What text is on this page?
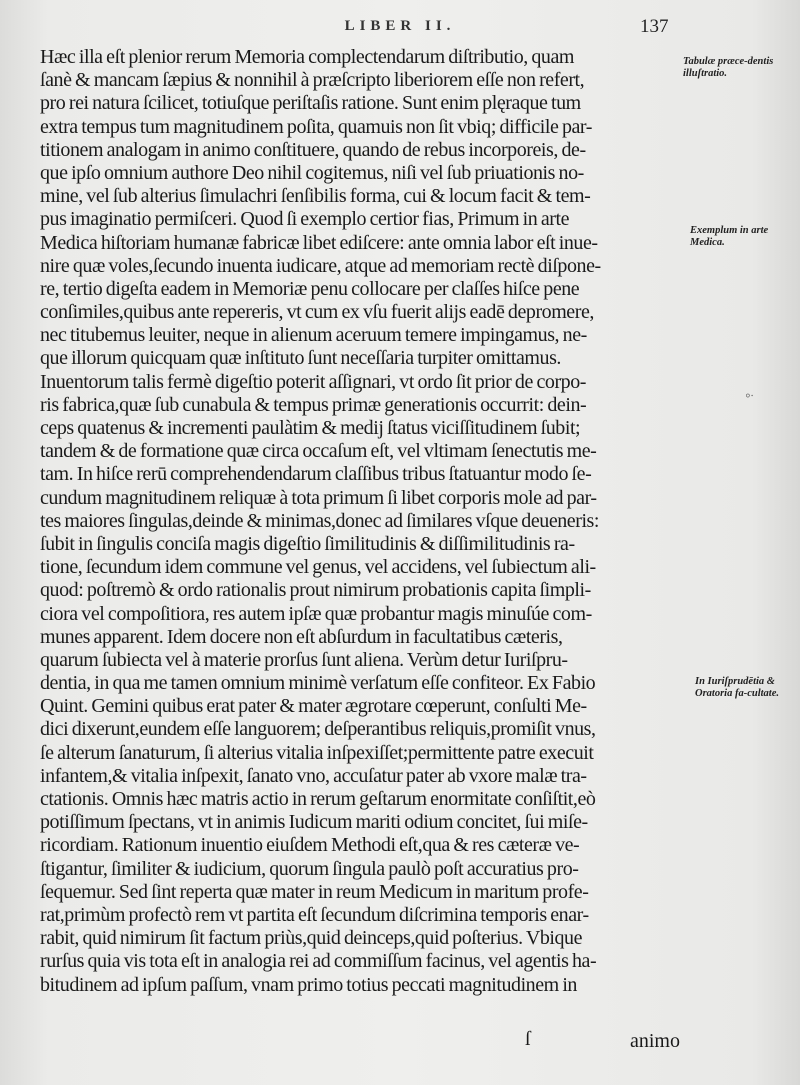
LIBER II.	137
Hæc illa eſt plenior rerum Memoria complectendarum diſtributio, quam
ſanè & mancam ſæpius & nonnihil à præſcripto liberiorem eſſe non refert,
pro rei natura ſcilicet, totiuſque periſtaſis ratione. Sunt enim plęraque tum
extra tempus tum magnitudinem poſita, quamuis non ſit vbiq; difficile par-
titionem analogam in animo conſtituere, quando de rebus incorporeis, de-
que ipſo omnium authore Deo nihil cogitemus, niſi vel ſub priuationis no-
mine, vel ſub alterius ſimulachri ſenſibilis forma, cui & locum facit & tem-
pus imaginatio permiſceri. Quod ſi exemplo certior fias, Primum in arte
Medica hiſtoriam humanæ fabricæ libet ediſcere: ante omnia labor eſt inue-
nire quæ voles,ſecundo inuenta iudicare, atque ad memoriam rectè diſpone-
re, tertio digeſta eadem in Memoriæ penu collocare per claſſes hiſce pene
conſimiles,quibus ante repereris, vt cum ex vſu fuerit alijs eadē depromere,
nec titubemus leuiter, neque in alienum aceruum temere impingamus, ne-
que illorum quicquam quæ inſtituto ſunt neceſſaria turpiter omittamus.
Inuentorum talis fermè digeſtio poterit aſſignari, vt ordo ſit prior de corpo-
ris fabrica,quæ ſub cunabula & tempus primæ generationis occurrit: dein-
ceps quatenus & incrementi paulàtim & medij ſtatus viciſſitudinem ſubit;
tandem & de formatione quæ circa occaſum eſt, vel vltimam ſenectutis me-
tam. In hiſce rerū comprehendendarum claſſibus tribus ſtatuantur modo ſe-
cundum magnitudinem reliquæ à tota primum ſi libet corporis mole ad par-
tes maiores ſingulas,deinde & minimas,donec ad ſimilares vſque deueneris:
ſubit in ſingulis conciſa magis digeſtio ſimilitudinis & diſſimilitudinis ra-
tione, ſecundum idem commune vel genus, vel accidens, vel ſubiectum ali-
quod: poſtremò & ordo rationalis prout nimirum probationis capita ſimpli-
ciora vel compoſitiora, res autem ipſæ quæ probantur magis minuſúe com-
munes apparent. Idem docere non eſt abſurdum in facultatibus cæteris,
quarum ſubiecta vel à materie prorſus ſunt aliena. Verùm detur Iuriſpru-
dentia, in qua me tamen omnium minimè verſatum eſſe confiteor. Ex Fabio
Quint. Gemini quibus erat pater & mater ægrotare cœperunt, conſulti Me-
dici dixerunt,eundem eſſe languorem; deſperantibus reliquis,promiſit vnus,
ſe alterum ſanaturum, ſi alterius vitalia inſpexiſſet;permittente patre execuit
infantem,& vitalia inſpexit, ſanato vno, accuſatur pater ab vxore malæ tra-
ctationis. Omnis hæc matris actio in rerum geſtarum enormitate conſiſtit,eò
potiſſimum ſpectans, vt in animis Iudicum mariti odium concitet, ſui miſe-
ricordiam. Rationum inuentio eiuſdem Methodi eſt,qua & res cæteræ ve-
ſtigantur, ſimiliter & iudicium, quorum ſingula paulò poſt accuratius pro-
ſequemur. Sed ſint reperta quæ mater in reum Medicum in maritum profe-
rat,primùm profectò rem vt partita eſt ſecundum diſcrimina temporis enar-
rabit, quid nimirum ſit factum priùs,quid deinceps,quid poſterius. Vbique
rurſus quia vis tota eſt in analogia rei ad commiſſum facinus, vel agentis ha-
bitudinem ad ipſum paſſum, vnam primo totius peccati magnitudinem in
Tabulæ præce-dentis illuſtratio.
Exemplum in arte Medica.
In Iuriſprudētia & Oratoria fa-cultate.
⸰⸱
ſ	animo
